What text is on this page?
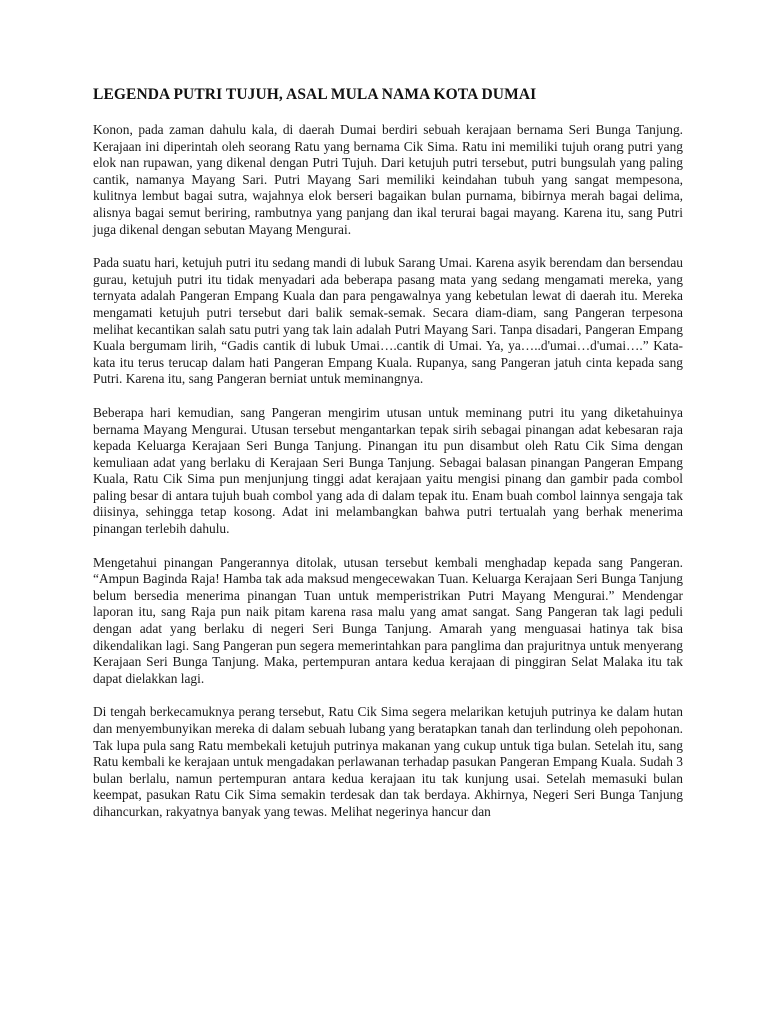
LEGENDA PUTRI TUJUH, ASAL MULA NAMA KOTA DUMAI

Konon, pada zaman dahulu kala, di daerah Dumai berdiri sebuah kerajaan bernama Seri Bunga Tanjung. Kerajaan ini diperintah oleh seorang Ratu yang bernama Cik Sima. Ratu ini memiliki tujuh orang putri yang elok nan rupawan, yang dikenal dengan Putri Tujuh. Dari ketujuh putri tersebut, putri bungsulah yang paling cantik, namanya Mayang Sari. Putri Mayang Sari memiliki keindahan tubuh yang sangat mempesona, kulitnya lembut bagai sutra, wajahnya elok berseri bagaikan bulan purnama, bibirnya merah bagai delima, alisnya bagai semut beriring, rambutnya yang panjang dan ikal terurai bagai mayang. Karena itu, sang Putri juga dikenal dengan sebutan Mayang Mengurai.

Pada suatu hari, ketujuh putri itu sedang mandi di lubuk Sarang Umai. Karena asyik berendam dan bersendau gurau, ketujuh putri itu tidak menyadari ada beberapa pasang mata yang sedang mengamati mereka, yang ternyata adalah Pangeran Empang Kuala dan para pengawalnya yang kebetulan lewat di daerah itu. Mereka mengamati ketujuh putri tersebut dari balik semak-semak. Secara diam-diam, sang Pangeran terpesona melihat kecantikan salah satu putri yang tak lain adalah Putri Mayang Sari. Tanpa disadari, Pangeran Empang Kuala bergumam lirih, “Gadis cantik di lubuk Umai….cantik di Umai. Ya, ya…..d'umai…d'umai….” Kata-kata itu terus terucap dalam hati Pangeran Empang Kuala. Rupanya, sang Pangeran jatuh cinta kepada sang Putri. Karena itu, sang Pangeran berniat untuk meminangnya.

Beberapa hari kemudian, sang Pangeran mengirim utusan untuk meminang putri itu yang diketahuinya bernama Mayang Mengurai. Utusan tersebut mengantarkan tepak sirih sebagai pinangan adat kebesaran raja kepada Keluarga Kerajaan Seri Bunga Tanjung. Pinangan itu pun disambut oleh Ratu Cik Sima dengan kemuliaan adat yang berlaku di Kerajaan Seri Bunga Tanjung. Sebagai balasan pinangan Pangeran Empang Kuala, Ratu Cik Sima pun menjunjung tinggi adat kerajaan yaitu mengisi pinang dan gambir pada combol paling besar di antara tujuh buah combol yang ada di dalam tepak itu. Enam buah combol lainnya sengaja tak diisinya, sehingga tetap kosong. Adat ini melambangkan bahwa putri tertualah yang berhak menerima pinangan terlebih dahulu.

Mengetahui pinangan Pangerannya ditolak, utusan tersebut kembali menghadap kepada sang Pangeran. “Ampun Baginda Raja! Hamba tak ada maksud mengecewakan Tuan. Keluarga Kerajaan Seri Bunga Tanjung belum bersedia menerima pinangan Tuan untuk memperistrikan Putri Mayang Mengurai.” Mendengar laporan itu, sang Raja pun naik pitam karena rasa malu yang amat sangat. Sang Pangeran tak lagi peduli dengan adat yang berlaku di negeri Seri Bunga Tanjung. Amarah yang menguasai hatinya tak bisa dikendalikan lagi. Sang Pangeran pun segera memerintahkan para panglima dan prajuritnya untuk menyerang Kerajaan Seri Bunga Tanjung. Maka, pertempuran antara kedua kerajaan di pinggiran Selat Malaka itu tak dapat dielakkan lagi.

Di tengah berkecamuknya perang tersebut, Ratu Cik Sima segera melarikan ketujuh putrinya ke dalam hutan dan menyembunyikan mereka di dalam sebuah lubang yang beratapkan tanah dan terlindung oleh pepohonan. Tak lupa pula sang Ratu membekali ketujuh putrinya makanan yang cukup untuk tiga bulan. Setelah itu, sang Ratu kembali ke kerajaan untuk mengadakan perlawanan terhadap pasukan Pangeran Empang Kuala. Sudah 3 bulan berlalu, namun pertempuran antara kedua kerajaan itu tak kunjung usai. Setelah memasuki bulan keempat, pasukan Ratu Cik Sima semakin terdesak dan tak berdaya. Akhirnya, Negeri Seri Bunga Tanjung dihancurkan, rakyatnya banyak yang tewas. Melihat negerinya hancur dan
